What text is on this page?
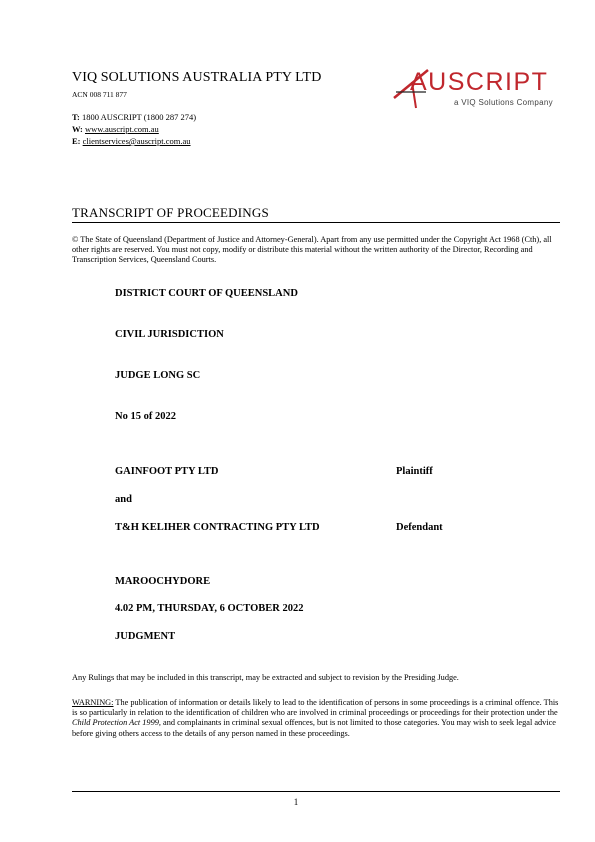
VIQ SOLUTIONS AUSTRALIA PTY LTD
ACN 008 711 877
T: 1800 AUSCRIPT (1800 287 274)
W: www.auscript.com.au
E: clientservices@auscript.com.au
AUSCRIPT
a VIQ Solutions Company
TRANSCRIPT OF PROCEEDINGS
© The State of Queensland (Department of Justice and Attorney-General). Apart from any use permitted under the Copyright Act 1968 (Cth), all other rights are reserved. You must not copy, modify or distribute this material without the written authority of the Director, Recording and Transcription Services, Queensland Courts.
DISTRICT COURT OF QUEENSLAND
CIVIL JURISDICTION
JUDGE LONG SC
No 15 of 2022
GAINFOOT PTY LTD	Plaintiff
and
T&H KELIHER CONTRACTING PTY LTD	Defendant
MAROOCHYDORE
4.02 PM, THURSDAY, 6 OCTOBER 2022
JUDGMENT
Any Rulings that may be included in this transcript, may be extracted and subject to revision by the Presiding Judge.
WARNING: The publication of information or details likely to lead to the identification of persons in some proceedings is a criminal offence. This is so particularly in relation to the identification of children who are involved in criminal proceedings or proceedings for their protection under the Child Protection Act 1999, and complainants in criminal sexual offences, but is not limited to those categories. You may wish to seek legal advice before giving others access to the details of any person named in these proceedings.
1
